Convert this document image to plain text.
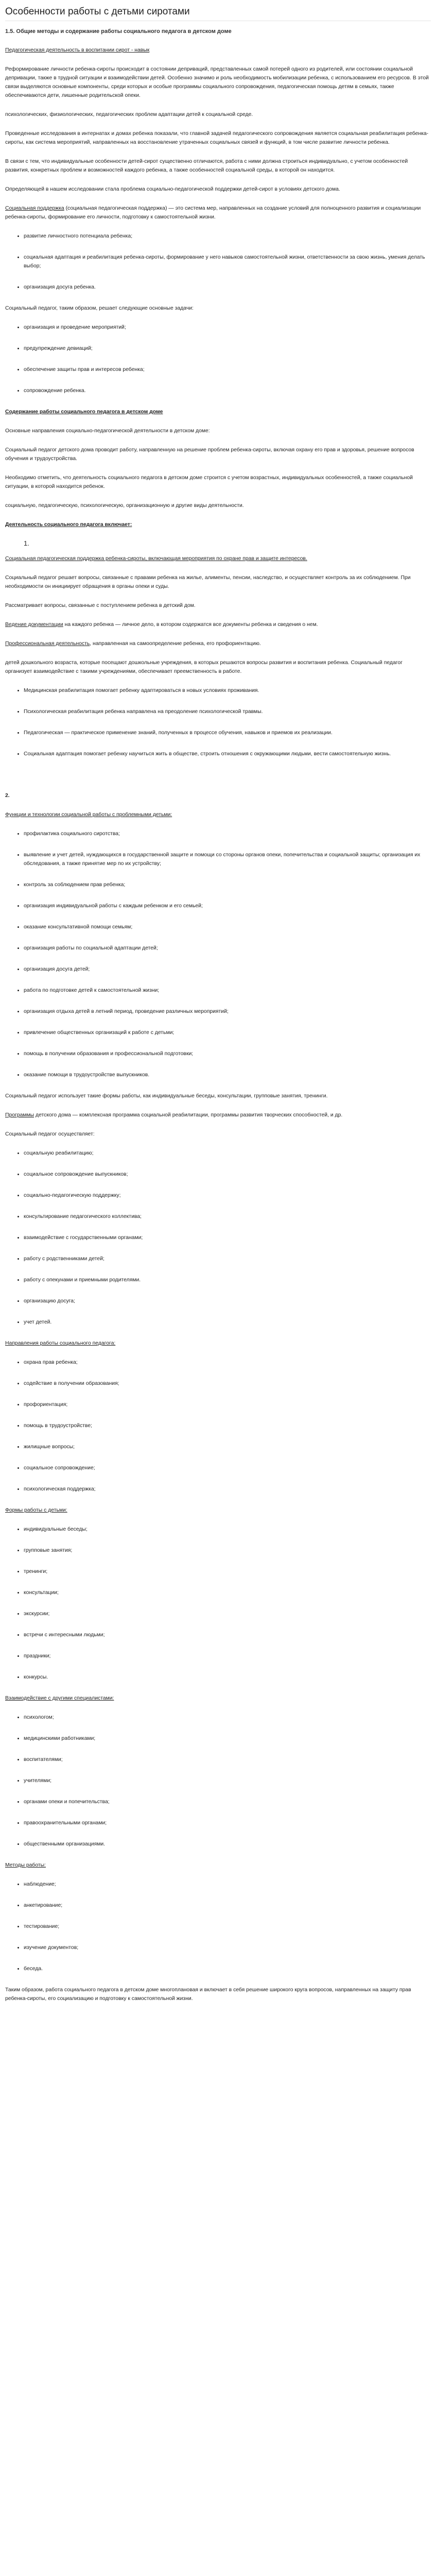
Особенности работы с детьми сиротами
1.5. Общие методы и содержание работы социального педагога в детском доме

Педагогическая деятельность в воспитании сирот - навык

Реформирование личности ребенка-сироты происходит в состоянии деприваций, представленных самой потерей одного из родителей, или состоянии социальной депривации, также в трудной ситуации и взаимодействии детей. Особенно значимо и роль необходимость мобилизации ребенка, с использованием его ресурсов. В этой связи выделяются основные компоненты, среди которых и особые программы социального сопровождения, педагогическая помощь детям в семьях, также обеспечиваются дети, лишенные родительской опеки.

психологических, физиологических, педагогических проблем адаптации детей к социальной среде.

Проведенные исследования в интернатах и домах ребенка показали, что главной задачей педагогического сопровождения является социальная реабилитация ребенка-сироты, как система мероприятий, направленных на восстановление утраченных социальных связей и функций, в том числе развитие личности ребенка.

В связи с тем, что индивидуальные особенности детей-сирот существенно отличаются, работа с ними должна строиться индивидуально, с учетом особенностей развития, конкретных проблем и возможностей каждого ребенка, а также особенностей социальной среды, в которой он находится.

Определяющей в нашем исследовании стала проблема социально-педагогической поддержки детей-сирот в условиях детского дома.

Социальная поддержка (социальная педагогическая поддержка) — это система мер, направленных на создание условий для полноценного развития и социализации ребенка-сироты, формирование его личности, подготовку к самостоятельной жизни.

• развитие личностного потенциала ребенка;
• социальная адаптация и реабилитация ребенка-сироты, формирование у него навыков самостоятельной жизни, ответственности за свою жизнь, умения делать выбор;
• организация досуга ребенка.

Социальный педагог, таким образом, решает следующие основные задачи:

• организация и проведение мероприятий;
• предупреждение девиаций;
• обеспечение защиты прав и интересов ребенка;
• сопровождение ребенка.

Содержание работы социального педагога в детском доме

Основные направления социально-педагогической деятельности в детском доме:

Социальный педагог детского дома проводит работу, направленную на решение проблем ребенка-сироты, включая охрану его прав и здоровья, решение вопросов обучения и трудоустройства.

Необходимо отметить, что деятельность социального педагога в детском доме строится с учетом возрастных, индивидуальных особенностей, а также социальной ситуации, в которой находится ребенок.

социальную, педагогическую, психологическую, организационную и другие виды деятельности.

Деятельность социального педагога включает:

1.

Социальная педагогическая поддержка ребенка-сироты, включающая мероприятия по охране прав и защите интересов.

Социальный педагог решает вопросы, связанные с правами ребенка на жилье, алименты, пенсии, наследство, и осуществляет контроль за их соблюдением. При необходимости он инициирует обращения в органы опеки и суды.

Рассматривает вопросы, связанные с поступлением ребенка в детский дом.

Ведение документации на каждого ребенка — личное дело, в котором содержатся все документы ребенка и сведения о нем.

Профессиональная деятельность, направленная на самоопределение ребенка, его профориентацию.

детей дошкольного возраста, которые посещают дошкольные учреждения, в которых решаются вопросы развития и воспитания ребенка. Социальный педагог организует взаимодействие с такими учреждениями, обеспечивает преемственность в работе.

• Медицинская реабилитация помогает ребенку адаптироваться в новых условиях проживания.
• Психологическая реабилитация ребенка направлена на преодоление психологической травмы.
• Педагогическая — практическое применение знаний, полученных в процессе обучения, навыков и приемов их реализации.
• Социальная адаптация помогает ребенку научиться жить в обществе, строить отношения с окружающими людьми, вести самостоятельную жизнь.

2.

Функции и технологии социальной работы с проблемными детьми:

• профилактика социального сиротства;
• выявление и учет детей, нуждающихся в государственной защите и помощи со стороны органов опеки, попечительства и социальной защиты; организация их обследования, а также принятие мер по их устройству;
• контроль за соблюдением прав ребенка;
• организация индивидуальной работы с каждым ребенком и его семьей;
• оказание консультативной помощи семьям;
• организация работы по социальной адаптации детей;
• организация досуга детей;
• работа по подготовке детей к самостоятельной жизни;
• организация отдыха детей в летний период, проведение различных мероприятий;
• привлечение общественных организаций к работе с детьми;
• помощь в получении образования и профессиональной подготовки;
• оказание помощи в трудоустройстве выпускников.

Социальный педагог использует такие формы работы, как индивидуальные беседы, консультации, групповые занятия, тренинги.

Программы детского дома — комплексная программа социальной реабилитации, программы развития творческих способностей, и др.

Социальный педагог осуществляет:

• социальную реабилитацию;
• социальное сопровождение выпускников;
• социально-педагогическую поддержку;
• консультирование педагогического коллектива;
• взаимодействие с государственными органами;
• работу с родственниками детей;
• работу с опекунами и приемными родителями.
• организацию досуга;
• учет детей.

Направления работы социального педагога:

• охрана прав ребенка;
• содействие в получении образования;
• профориентация;
• помощь в трудоустройстве;
• жилищные вопросы;
• социальное сопровождение;
• психологическая поддержка;

Формы работы с детьми:

• индивидуальные беседы;
• групповые занятия;
• тренинги;
• консультации;
• экскурсии;
• встречи с интересными людьми;
• праздники;
• конкурсы.

Взаимодействие с другими специалистами:

• психологом;
• медицинскими работниками;
• воспитателями;
• учителями;
• органами опеки и попечительства;
• правоохранительными органами;
• общественными организациями.

Методы работы:

• наблюдение;
• анкетирование;
• тестирование;
• изучение документов;
• беседа.

Таким образом, работа социального педагога в детском доме многоплановая и включает в себя решение широкого круга вопросов, направленных на защиту прав ребенка-сироты, его социализацию и подготовку к самостоятельной жизни.
